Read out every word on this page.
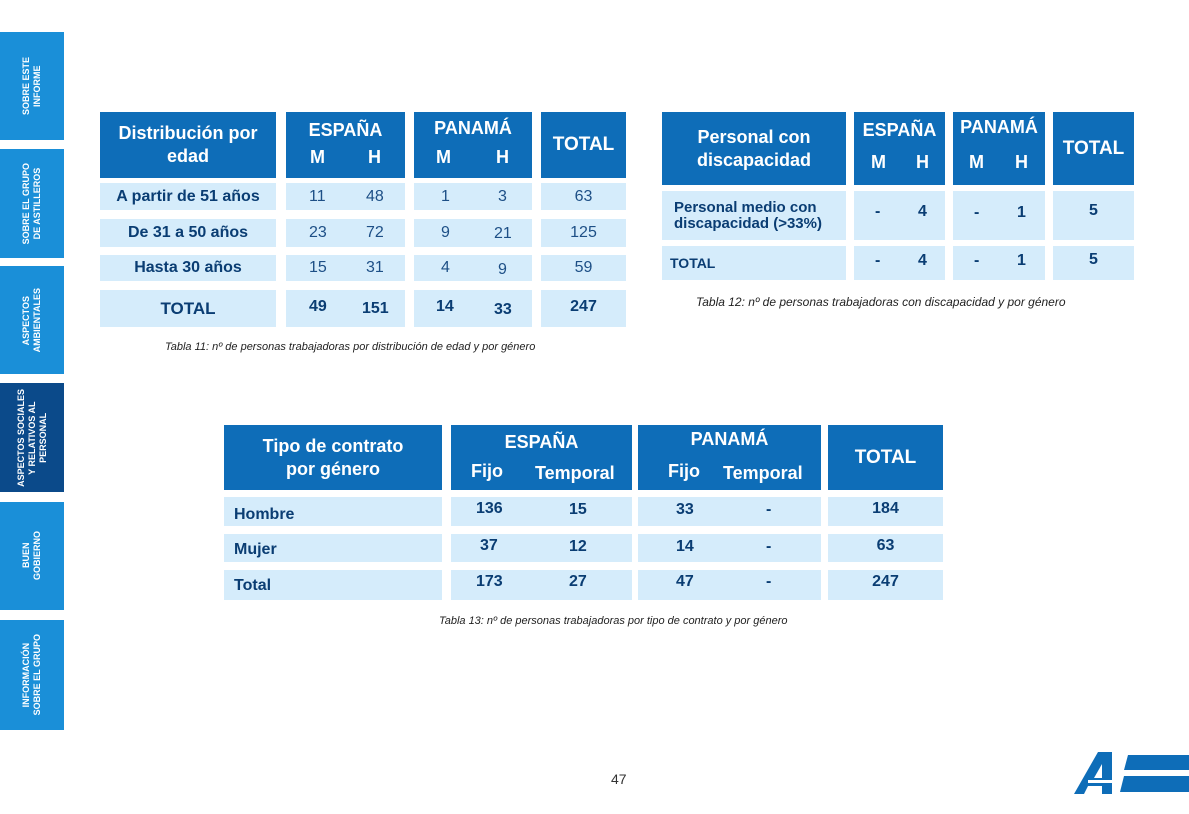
SOBRE ESTE
INFORME
SOBRE EL GRUPO
DE ASTILLEROS
ASPECTOS
AMBIENTALES
ASPECTOS SOCIALES
Y RELATIVOS AL
PERSONAL
BUEN
GOBIERNO
INFORMACIÓN
SOBRE EL GRUPO
Distribución por
edad
ESPAÑA
M H
PANAMÁ
M	H
TOTAL
A partir de 51 años	11	48	1	3	63
De 31 a 50 años	23 72	9	21	125
Hasta 30 años	15 31	4	9	59
TOTAL	49 151	14	33	247
Tabla 11: nº de personas trabajadoras por distribución de edad y por género
Personal con
discapacidad
ESPAÑA
M H
PANAMÁ
M H
TOTAL
Personal medio con
discapacidad (>33%)
- 4	- 1	5
TOTAL	- 4	- 1	5
Tabla 12: nº de personas trabajadoras con discapacidad y por género
Tipo de contrato
por género
ESPAÑA
Fijo Temporal
PANAMÁ
Fijo Temporal
TOTAL
Hombre	136	15	33	-	184
Mujer	37	12	14	-	63
Total	173	27	47	-	247
Tabla 13: nº de personas trabajadoras por tipo de contrato y por género
47
